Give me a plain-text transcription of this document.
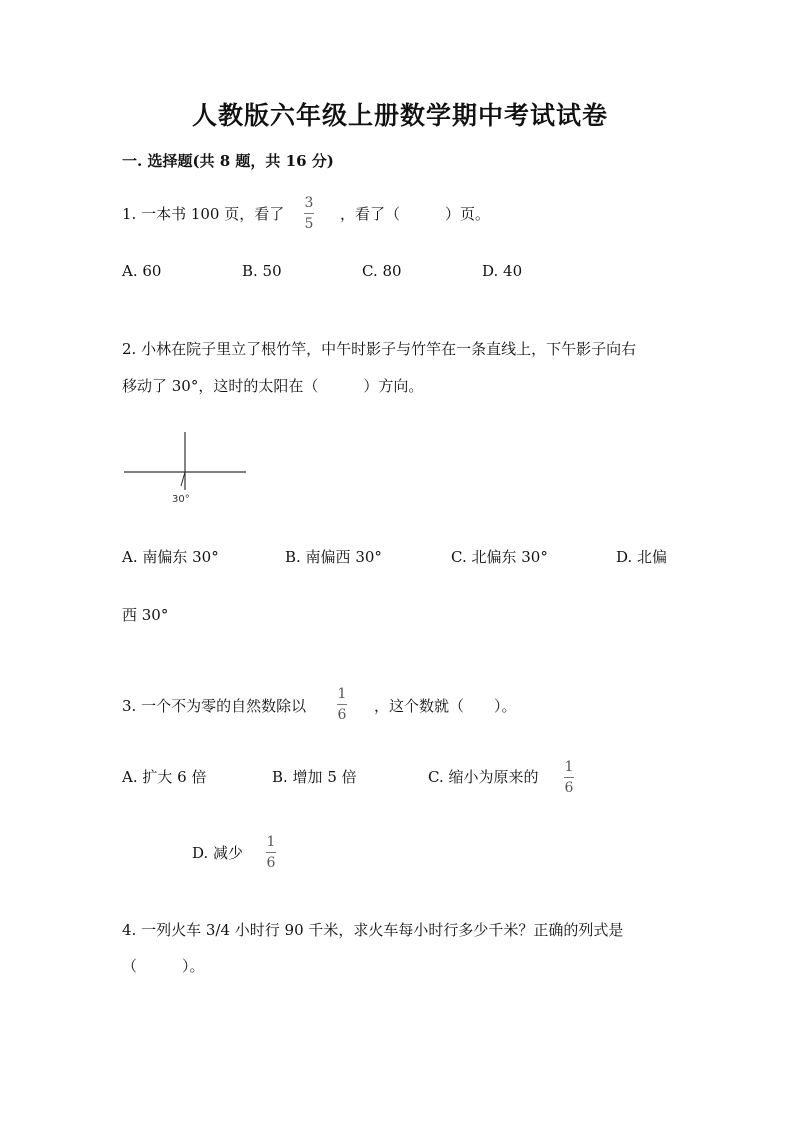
人教版六年级上册数学期中考试试卷
一. 选择题(共 8 题，共 16 分)
1. 一本书 100 页，看了
3
5
，看了（　　　）页。
A. 60	B. 50	C. 80	D. 40
2. 小林在院子里立了根竹竿，中午时影子与竹竿在一条直线上，下午影子向右
移动了 30°，这时的太阳在（　　　）方向。
30°
A. 南偏东 30°	B. 南偏西 30°	C. 北偏东 30°	D. 北偏
西 30°
3. 一个不为零的自然数除以
1
6 ，这个数就（　　）。
A. 扩大 6 倍	B. 增加 5 倍	C. 缩小为原来的
1
6
D. 减少
1
6
4. 一列火车 3/4 小时行 90 千米，求火车每小时行多少千米？正确的列式是
（　　　）。
